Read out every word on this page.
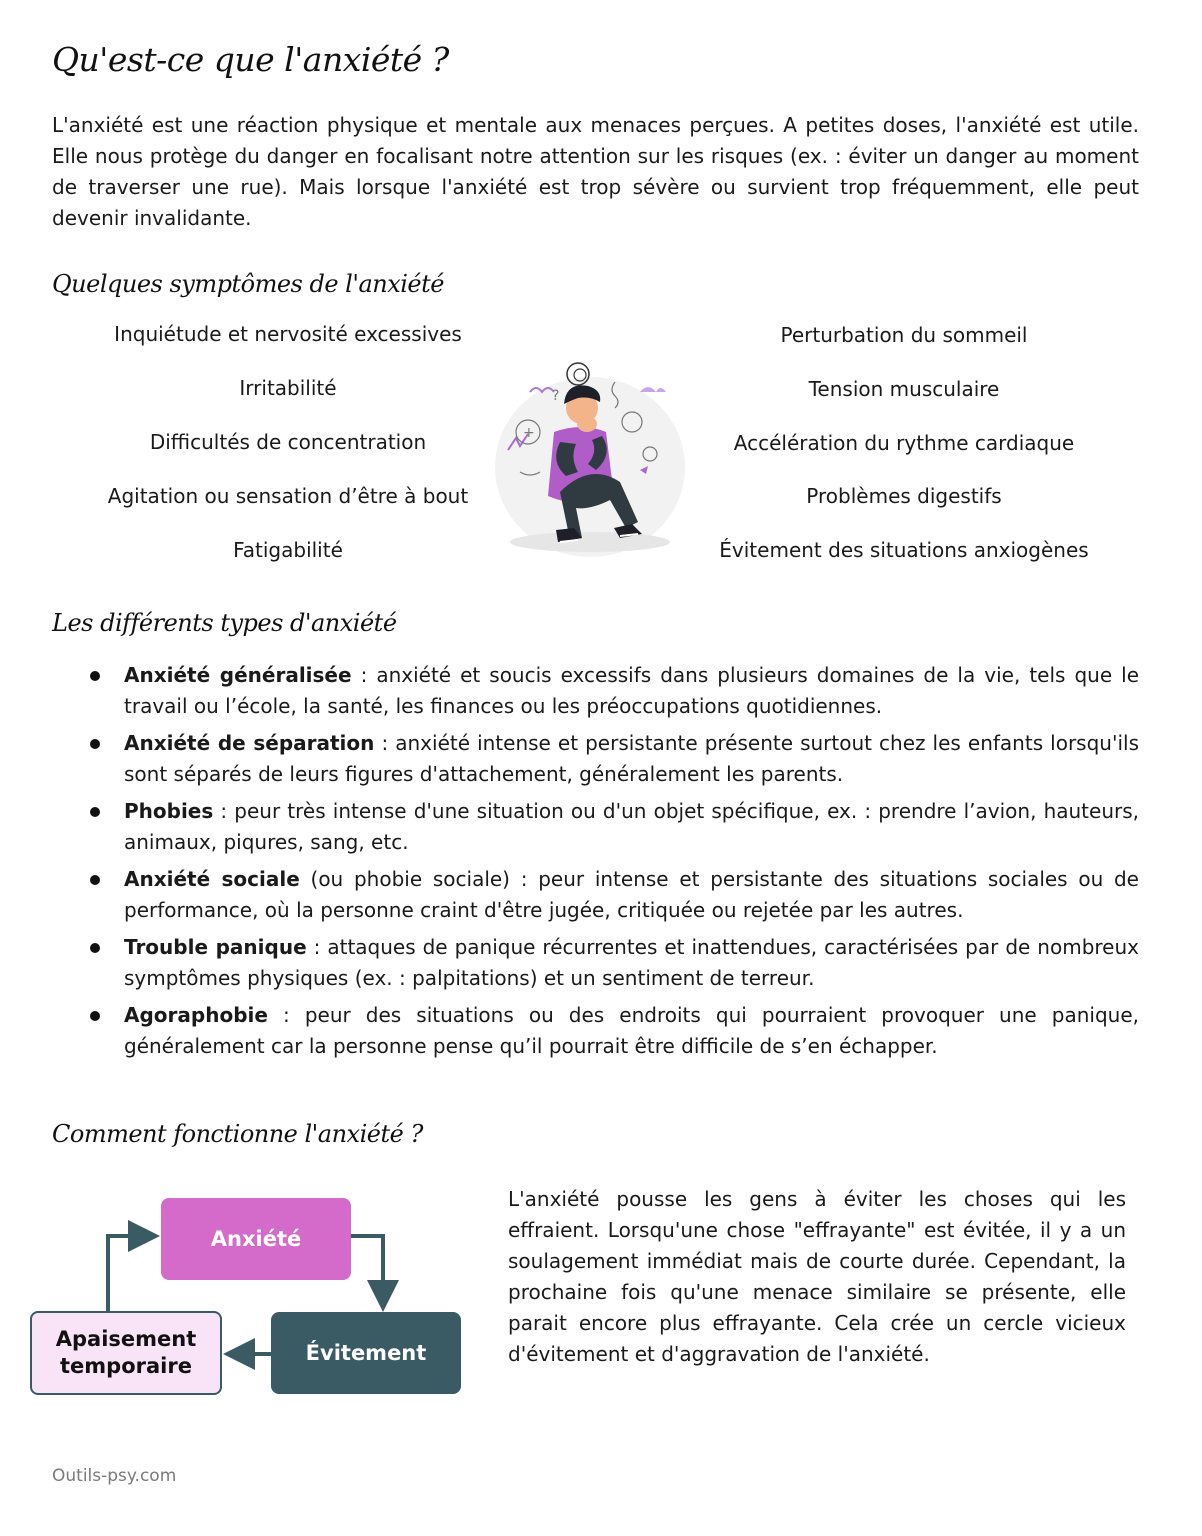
Qu'est-ce que l'anxiété ?

L'anxiété est une réaction physique et mentale aux menaces perçues. A petites doses, l'anxiété est utile. Elle nous protège du danger en focalisant notre attention sur les risques (ex. : éviter un danger au moment de traverser une rue). Mais lorsque l'anxiété est trop sévère ou survient trop fréquemment, elle peut devenir invalidante.

Quelques symptômes de l'anxiété
Inquiétude et nervosité excessives
Irritabilité
Difficultés de concentration
Agitation ou sensation d’être à bout
Fatigabilité
Perturbation du sommeil
Tension musculaire
Accélération du rythme cardiaque
Problèmes digestifs
Évitement des situations anxiogènes
+
?
Les différents types d'anxiété
Anxiété généralisée : anxiété et soucis excessifs dans plusieurs domaines de la vie, tels que le travail ou l’école, la santé, les finances ou les préoccupations quotidiennes.
Anxiété de séparation : anxiété intense et persistante présente surtout chez les enfants lorsqu'ils sont séparés de leurs figures d'attachement, généralement les parents.
Phobies : peur très intense d'une situation ou d'un objet spécifique, ex. : prendre l’avion, hauteurs, animaux, piqures, sang, etc.
Anxiété sociale (ou phobie sociale) : peur intense et persistante des situations sociales ou de performance, où la personne craint d'être jugée, critiquée ou rejetée par les autres.
Trouble panique : attaques de panique récurrentes et inattendues, caractérisées par de nombreux symptômes physiques (ex. : palpitations) et un sentiment de terreur.
Agoraphobie : peur des situations ou des endroits qui pourraient provoquer une panique, généralement car la personne pense qu’il pourrait être difficile de s’en échapper.
Comment fonctionne l'anxiété ?
Anxiété
Évitement
Apaisement
temporaire

L'anxiété pousse les gens à éviter les choses qui les effraient. Lorsqu'une chose "effrayante" est évitée, il y a un soulagement immédiat mais de courte durée. Cependant, la prochaine fois qu'une menace similaire se présente, elle parait encore plus effrayante. Cela crée un cercle vicieux d'évitement et d'aggravation de l'anxiété.

Outils-psy.com
